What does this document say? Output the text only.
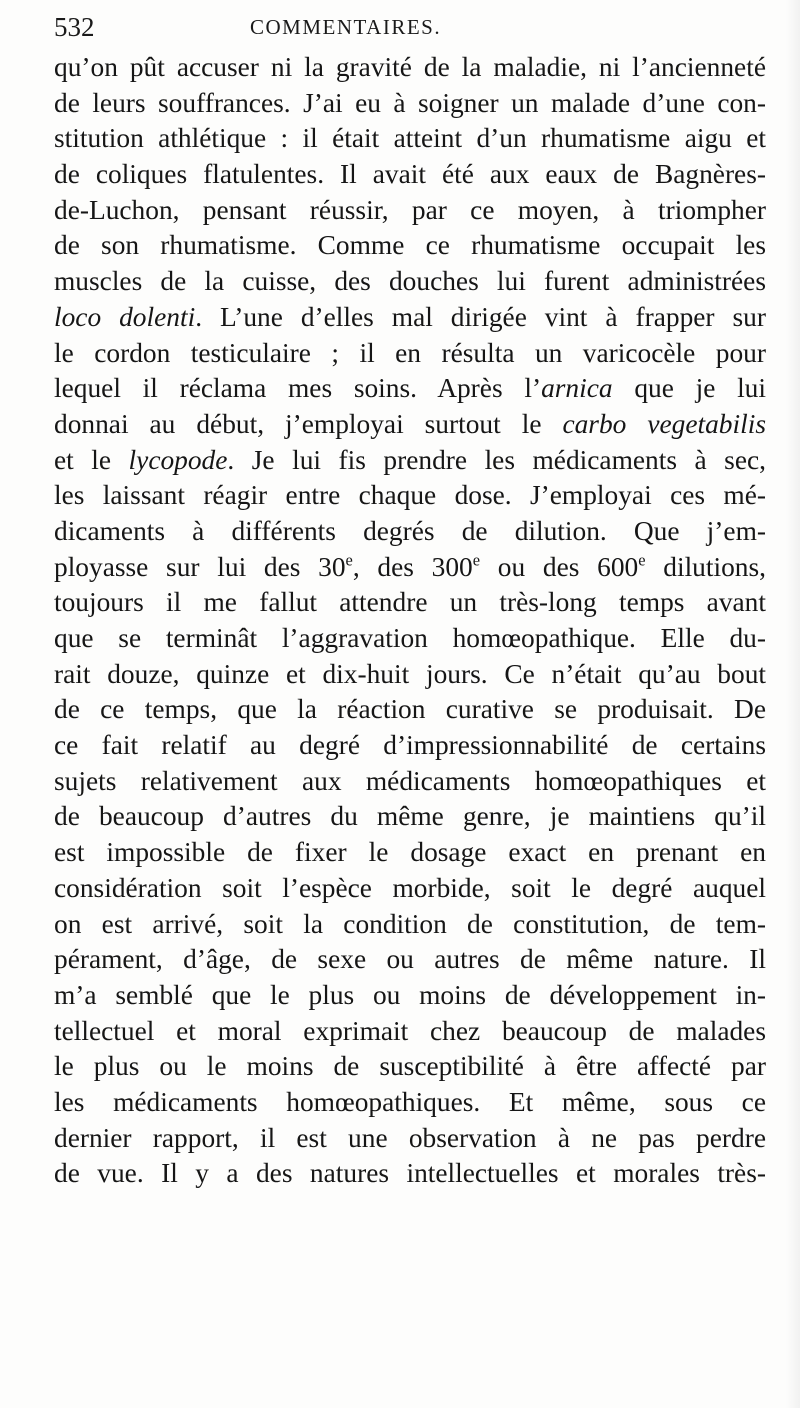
532	COMMENTAIRES.
qu’on pût accuser ni la gravité de la maladie, ni l’ancienneté
de leurs souffrances. J’ai eu à soigner un malade d’une con-
stitution athlétique : il était atteint d’un rhumatisme aigu et
de coliques flatulentes. Il avait été aux eaux de Bagnères-
de-Luchon, pensant réussir, par ce moyen, à triompher
de son rhumatisme. Comme ce rhumatisme occupait les
muscles de la cuisse, des douches lui furent administrées
loco dolenti. L’une d’elles mal dirigée vint à frapper sur
le cordon testiculaire ; il en résulta un varicocèle pour
lequel il réclama mes soins. Après l’arnica que je lui
donnai au début, j’employai surtout le carbo vegetabilis
et le lycopode. Je lui fis prendre les médicaments à sec,
les laissant réagir entre chaque dose. J’employai ces mé-
dicaments à différents degrés de dilution. Que j’em-
ployasse sur lui des 30e, des 300e ou des 600e dilutions,
toujours il me fallut attendre un très-long temps avant
que se terminât l’aggravation homœopathique. Elle du-
rait douze, quinze et dix-huit jours. Ce n’était qu’au bout
de ce temps, que la réaction curative se produisait. De
ce fait relatif au degré d’impressionnabilité de certains
sujets relativement aux médicaments homœopathiques et
de beaucoup d’autres du même genre, je maintiens qu’il
est impossible de fixer le dosage exact en prenant en
considération soit l’espèce morbide, soit le degré auquel
on est arrivé, soit la condition de constitution, de tem-
pérament, d’âge, de sexe ou autres de même nature. Il
m’a semblé que le plus ou moins de développement in-
tellectuel et moral exprimait chez beaucoup de malades
le plus ou le moins de susceptibilité à être affecté par
les médicaments homœopathiques. Et même, sous ce
dernier rapport, il est une observation à ne pas perdre
de vue. Il y a des natures intellectuelles et morales très-
